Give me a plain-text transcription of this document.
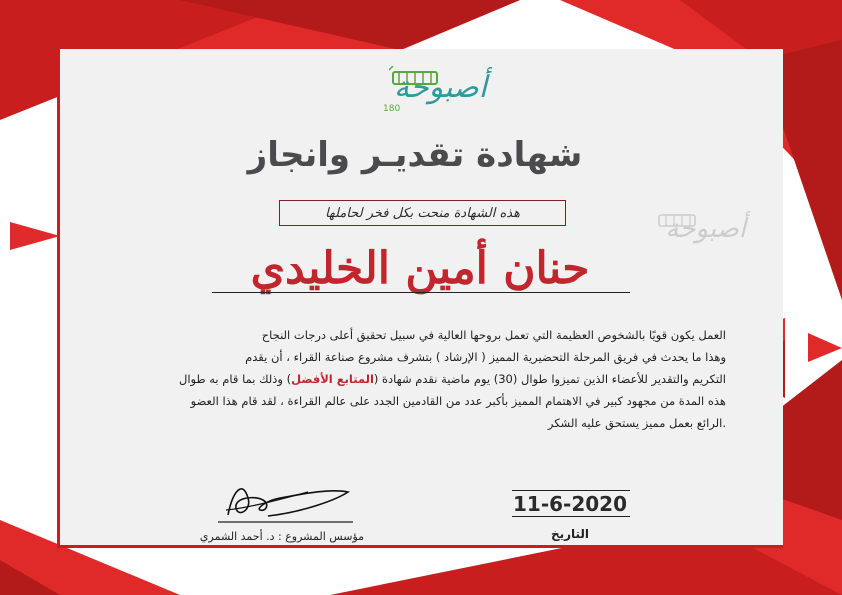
أصبوحة
180
أصبوحة
شهادة تقديـر وانجاز
هذه الشهادة منحت بكل فخر لحاملها
حنان أمين الخليدي
العمل يكون قويًا بالشخوص العظيمة التي تعمل بروحها العالية في سبيل تحقيق أعلى درجات النجاح
وهذا ما يحدث في فريق المرحلة التحضيرية المميز ( الإرشاد ) بتشرف مشروع صناعة القراء ، أن يقدم
التكريم والتقدير للأعضاء الذين تميزوا طوال (30) يوم ماضية نقدم شهادة (المتابع الأفضل) وذلك بما قام به طوال
هذه المدة من مجهود كبير في الاهتمام المميز بأكبر عدد من القادمين الجدد على عالم القراءة ، لقد قام هذا العضو
.الرائع بعمل مميز يستحق عليه الشكر
مؤسس المشروع : د. أحمد الشمري
11-6-2020
التاريخ
